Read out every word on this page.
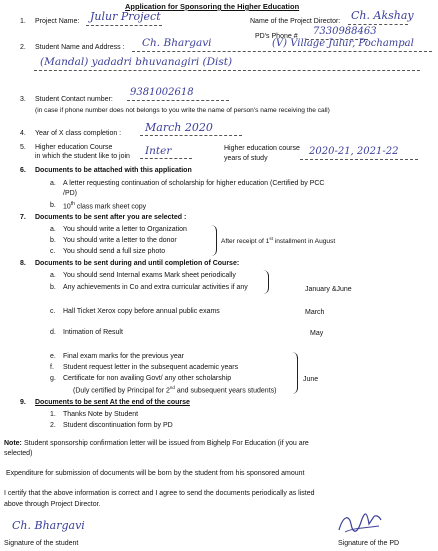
Application for Sponsoring the Higher Education
1. Project Name: Julur Project	Name of the Project Director: Ch. Akshay
PD's Phone # 7330988463
2. Student Name and Address : Ch. Bhargavi	(V) Village Julur, Pochampal
(Mandal) yadadri bhuvanagiri (Dist)
3. Student Contact number:
9381002618
(in case if phone number does not belongs to you write the name of person's name receiving the call)
4. Year of X class completion : March 2020
5. Higher education Course
in which the student like to join Inter	Higher education course
years of study
2020-21, 2021-22
6. Documents to be attached with this application
a. A letter requesting continuation of scholarship for higher education (Certified by PCC
/PD)
b. 10th class mark sheet copy
7. Documents to be sent after you are selected :
a. You should write a letter to Organization
b. You should write a letter to the donor
c. You should send a full size photo
After receipt of 1st installment in August
8. Documents to be sent during and until completion of Course:
a. You should send Internal exams Mark sheet periodically
b. Any achievements in Co and extra curricular activities if any	January &June
c. Hall Ticket Xerox copy before annual public exams	March
d. Intimation of Result	May
e. Final exam marks for the previous year
f. Student request letter in the subsequent academic years
g. Certificate for non availing Govt/ any other scholarship
(Duly certified by Principal for 2nd and subsequent years students)
June
9. Documents to be sent At the end of the course
1. Thanks Note by Student
2. Student discontinuation form by PD
Note: Student sponsorship confirmation letter will be issued from Bighelp For Education (if you are
selected)
Expenditure for submission of documents will be born by the student from his sponsored amount
I certify that the above information is correct and I agree to send the documents periodically as listed
above through Project Director.
Ch. Bhargavi
Signature of the student	Signature of the PD
